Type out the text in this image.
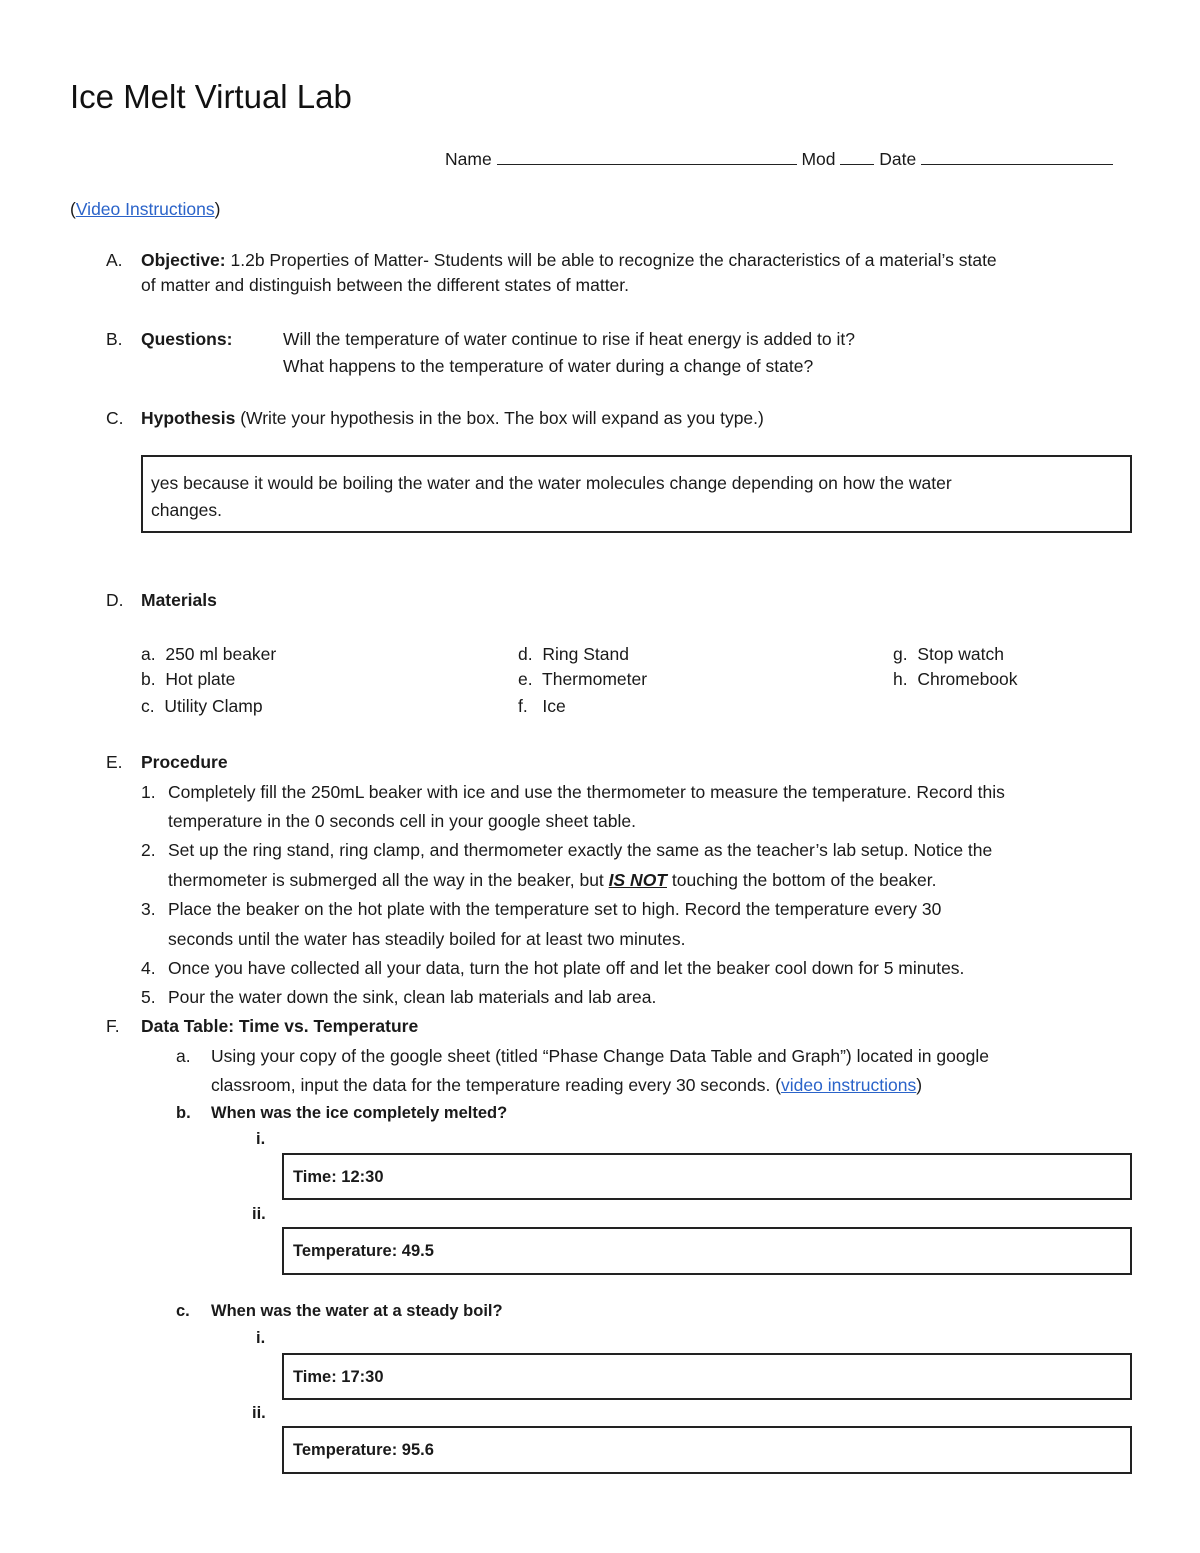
Ice Melt Virtual Lab
Name	Mod	Date
(Video Instructions)
A. Objective: 1.2b Properties of Matter- Students will be able to recognize the characteristics of a material’s state
of matter and distinguish between the different states of matter.
B. Questions:	Will the temperature of water continue to rise if heat energy is added to it?
What happens to the temperature of water during a change of state?
C. Hypothesis (Write your hypothesis in the box. The box will expand as you type.)
yes because it would be boiling the water and the water molecules change depending on how the water
changes.
D. Materials
a. 250 ml beaker
b. Hot plate
c. Utility Clamp
d. Ring Stand
e. Thermometer
f. Ice
g. Stop watch
h. Chromebook
E. Procedure
1. Completely fill the 250mL beaker with ice and use the thermometer to measure the temperature. Record this
temperature in the 0 seconds cell in your google sheet table.
2. Set up the ring stand, ring clamp, and thermometer exactly the same as the teacher’s lab setup. Notice the
thermometer is submerged all the way in the beaker, but IS NOT touching the bottom of the beaker.
3. Place the beaker on the hot plate with the temperature set to high. Record the temperature every 30
seconds until the water has steadily boiled for at least two minutes.
4. Once you have collected all your data, turn the hot plate off and let the beaker cool down for 5 minutes.
5. Pour the water down the sink, clean lab materials and lab area.
F. Data Table: Time vs. Temperature
a. Using your copy of the google sheet (titled “Phase Change Data Table and Graph”) located in google
classroom, input the data for the temperature reading every 30 seconds. (video instructions)
b. When was the ice completely melted?
i.
Time: 12:30
ii.
Temperature: 49.5
c. When was the water at a steady boil?
i.
Time: 17:30
ii.
Temperature: 95.6
